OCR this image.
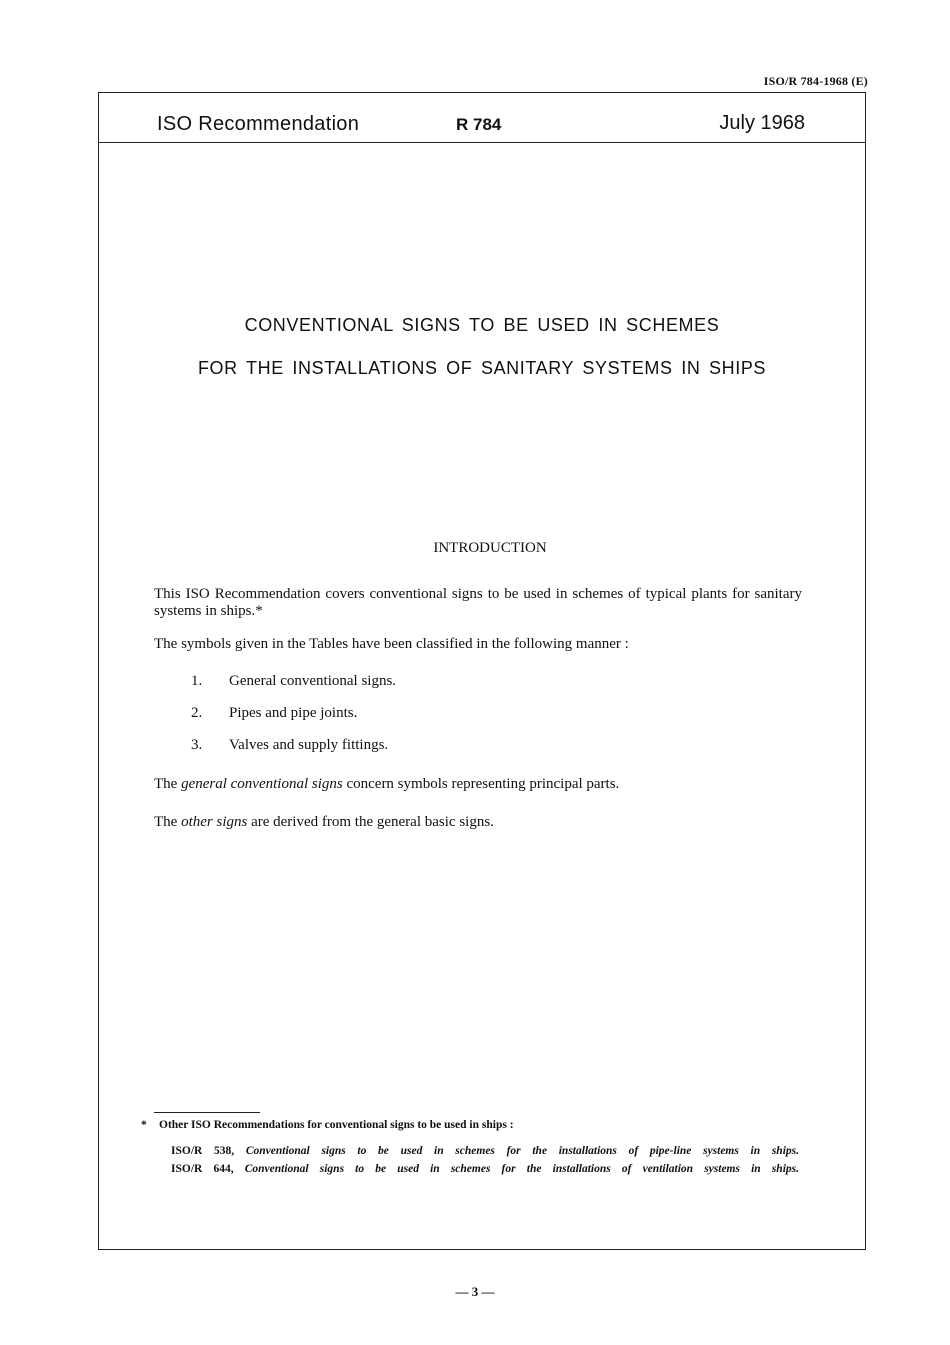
ISO/R 784-1968 (E)
ISO Recommendation	R 784	July 1968
CONVENTIONAL SIGNS TO BE USED IN SCHEMES
FOR THE INSTALLATIONS OF SANITARY SYSTEMS IN SHIPS
INTRODUCTION
This ISO Recommendation covers conventional signs to be used in schemes of typical plants for sanitary systems in ships.*
The symbols given in the Tables have been classified in the following manner :
1. General conventional signs.
2. Pipes and pipe joints.
3. Valves and supply fittings.
The general conventional signs concern symbols representing principal parts.
The other signs are derived from the general basic signs.
* Other ISO Recommendations for conventional signs to be used in ships :
ISO/R 538, Conventional signs to be used in schemes for the installations of pipe-line systems in ships.
ISO/R 644, Conventional signs to be used in schemes for the installations of ventilation systems in ships.
— 3 —
